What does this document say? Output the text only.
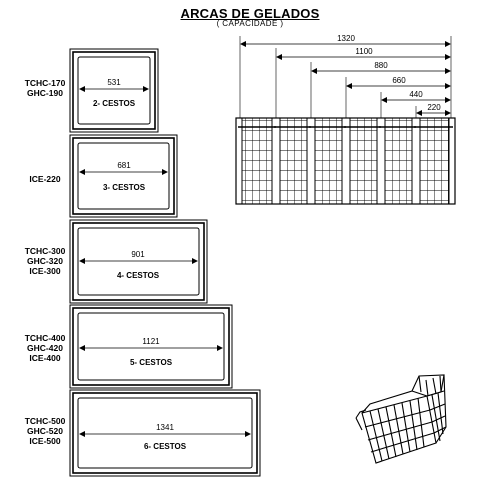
ARCAS DE GELADOS
( CAPACIDADE )
TCHC-170
GHC-190
ICE-220
TCHC-300
GHC-320
ICE-300
TCHC-400
GHC-420
ICE-400
TCHC-500
GHC-520
ICE-500
531
2- CESTOS
681
3- CESTOS
901
4- CESTOS
1121
5- CESTOS
1341
6- CESTOS
1320
1100
880
660
440
220
